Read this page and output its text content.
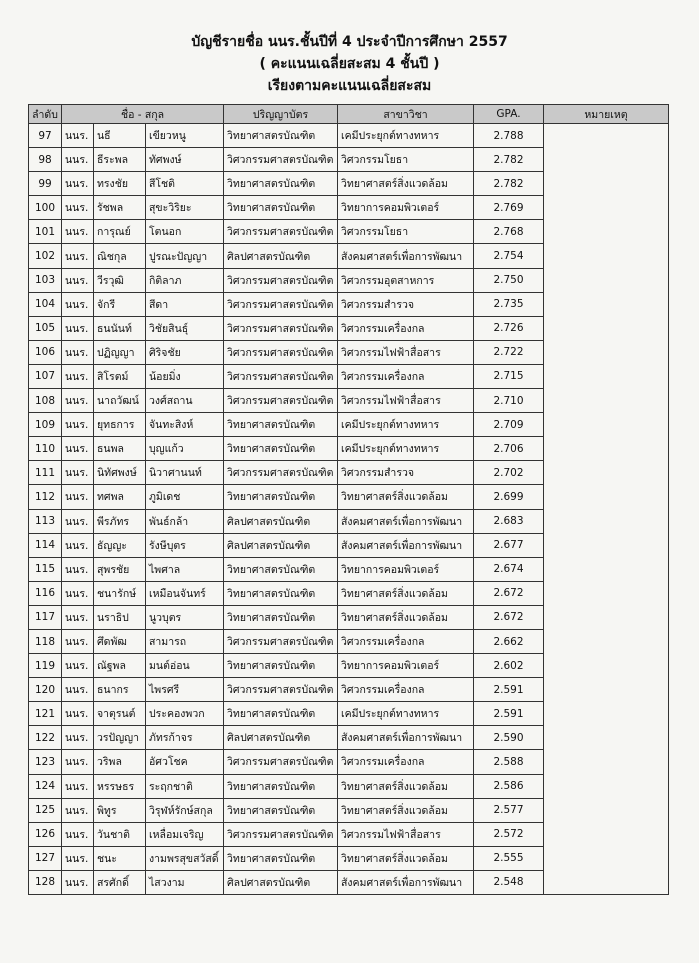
บัญชีรายชื่อ นนร.ชั้นปีที่ 4 ประจำปีการศึกษา 2557
( คะแนนเฉลี่ยสะสม 4 ชั้นปี )
เรียงตามคะแนนเฉลี่ยสะสม
ลำดับ	ชื่อ - สกุล			ปริญญาบัตร	สาขาวิชา	GPA.	หมายเหตุ
97	นนร.	นธี	เขียวหนู	วิทยาศาสตรบัณฑิต	เคมีประยุกต์ทางทหาร	2.788	
98	นนร.	ธีระพล	ทัศพงษ์	วิศวกรรมศาสตรบัณฑิต	วิศวกรรมโยธา	2.782	
99	นนร.	ทรงชัย	สีโชติ	วิทยาศาสตรบัณฑิต	วิทยาศาสตร์สิ่งแวดล้อม	2.782	
100	นนร.	รัชพล	สุขะวิริยะ	วิทยาศาสตรบัณฑิต	วิทยาการคอมพิวเตอร์	2.769	
101	นนร.	การุณย์	โตนอก	วิศวกรรมศาสตรบัณฑิต	วิศวกรรมโยธา	2.768	
102	นนร.	ณิชกุล	ปูรณะปัญญา	ศิลปศาสตรบัณฑิต	สังคมศาสตร์เพื่อการพัฒนา	2.754	
103	นนร.	วีรวุฒิ	กิติลาภ	วิศวกรรมศาสตรบัณฑิต	วิศวกรรมอุตสาหการ	2.750	
104	นนร.	จักรี	สีดา	วิศวกรรมศาสตรบัณฑิต	วิศวกรรมสำรวจ	2.735	
105	นนร.	ธนนันท์	วิชัยสินธุ์	วิศวกรรมศาสตรบัณฑิต	วิศวกรรมเครื่องกล	2.726	
106	นนร.	ปฏิญญา	ศิริจชัย	วิศวกรรมศาสตรบัณฑิต	วิศวกรรมไฟฟ้าสื่อสาร	2.722	
107	นนร.	สิโรตม์	น้อยมิ่ง	วิศวกรรมศาสตรบัณฑิต	วิศวกรรมเครื่องกล	2.715	
108	นนร.	นาถวัฒน์	วงศ์สถาน	วิศวกรรมศาสตรบัณฑิต	วิศวกรรมไฟฟ้าสื่อสาร	2.710	
109	นนร.	ยุทธการ	จันทะสิงห์	วิทยาศาสตรบัณฑิต	เคมีประยุกต์ทางทหาร	2.709	
110	นนร.	ธนพล	บุญแก้ว	วิทยาศาสตรบัณฑิต	เคมีประยุกต์ทางทหาร	2.706	
111	นนร.	นิทัศพงษ์	นิวาศานนท์	วิศวกรรมศาสตรบัณฑิต	วิศวกรรมสำรวจ	2.702	
112	นนร.	ทศพล	ภูมิเดช	วิทยาศาสตรบัณฑิต	วิทยาศาสตร์สิ่งแวดล้อม	2.699	
113	นนร.	พีรภัทร	พันธ์กล้า	ศิลปศาสตรบัณฑิต	สังคมศาสตร์เพื่อการพัฒนา	2.683	
114	นนร.	ธัญญะ	รังษีบุตร	ศิลปศาสตรบัณฑิต	สังคมศาสตร์เพื่อการพัฒนา	2.677	
115	นนร.	สุพรชัย	ไพศาล	วิทยาศาสตรบัณฑิต	วิทยาการคอมพิวเตอร์	2.674	
116	นนร.	ชนารักษ์	เหมือนจันทร์	วิทยาศาสตรบัณฑิต	วิทยาศาสตร์สิ่งแวดล้อม	2.672	
117	นนร.	นราธิป	นูวบุตร	วิทยาศาสตรบัณฑิต	วิทยาศาสตร์สิ่งแวดล้อม	2.672	
118	นนร.	ศึดพัฒ	สามารถ	วิศวกรรมศาสตรบัณฑิต	วิศวกรรมเครื่องกล	2.662	
119	นนร.	ณัฐพล	มนต์อ่อน	วิทยาศาสตรบัณฑิต	วิทยาการคอมพิวเตอร์	2.602	
120	นนร.	ธนากร	ไพรศรี	วิศวกรรมศาสตรบัณฑิต	วิศวกรรมเครื่องกล	2.591	
121	นนร.	จาตุรนต์	ประคองพวก	วิทยาศาสตรบัณฑิต	เคมีประยุกต์ทางทหาร	2.591	
122	นนร.	วรปัญญา	ภัทรก้าจร	ศิลปศาสตรบัณฑิต	สังคมศาสตร์เพื่อการพัฒนา	2.590	
123	นนร.	วริพล	อัศวโชค	วิศวกรรมศาสตรบัณฑิต	วิศวกรรมเครื่องกล	2.588	
124	นนร.	หรรษธร	ระฤกชาติ	วิทยาศาสตรบัณฑิต	วิทยาศาสตร์สิ่งแวดล้อม	2.586	
125	นนร.	พิทูร	วิรุฬห์รักษ์สกุล	วิทยาศาสตรบัณฑิต	วิทยาศาสตร์สิ่งแวดล้อม	2.577	
126	นนร.	วันชาติ	เหลื่อมเจริญ	วิศวกรรมศาสตรบัณฑิต	วิศวกรรมไฟฟ้าสื่อสาร	2.572	
127	นนร.	ชนะ	งามพรสุขสวัสดิ์	วิทยาศาสตรบัณฑิต	วิทยาศาสตร์สิ่งแวดล้อม	2.555	
128	นนร.	สรศักดิ์	ไสวงาม	ศิลปศาสตรบัณฑิต	สังคมศาสตร์เพื่อการพัฒนา	2.548	
